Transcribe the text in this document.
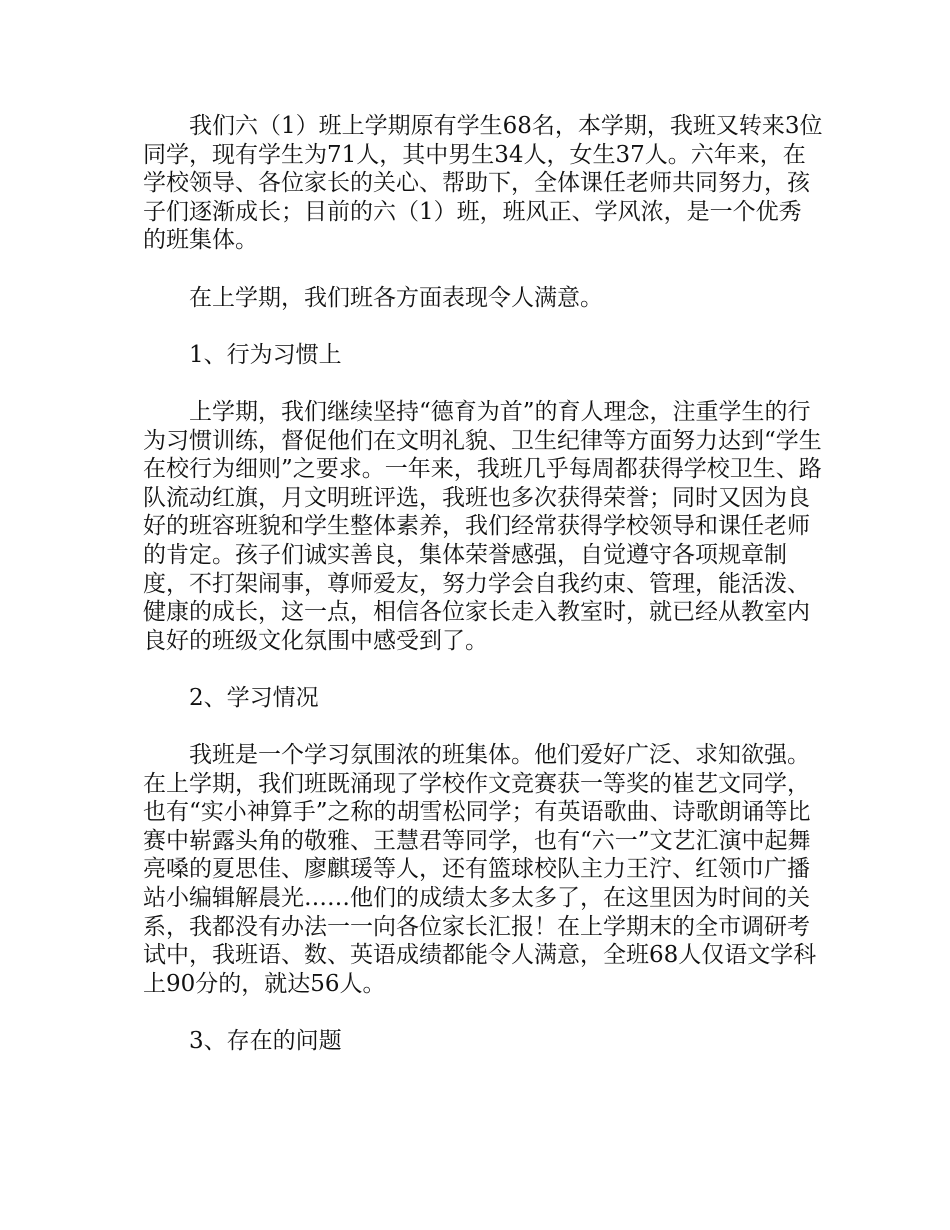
我们六（1）班上学期原有学生68名，本学期，我班又转来3位同学，现有学生为71人，其中男生34人，女生37人。六年来，在学校领导、各位家长的关心、帮助下，全体课任老师共同努力，孩子们逐渐成长；目前的六（1）班，班风正、学风浓，是一个优秀的班集体。

在上学期，我们班各方面表现令人满意。

1、行为习惯上

上学期，我们继续坚持“德育为首”的育人理念，注重学生的行为习惯训练，督促他们在文明礼貌、卫生纪律等方面努力达到“学生在校行为细则”之要求。一年来，我班几乎每周都获得学校卫生、路队流动红旗，月文明班评选，我班也多次获得荣誉；同时又因为良好的班容班貌和学生整体素养，我们经常获得学校领导和课任老师的肯定。孩子们诚实善良，集体荣誉感强，自觉遵守各项规章制度，不打架闹事，尊师爱友，努力学会自我约束、管理，能活泼、健康的成长，这一点，相信各位家长走入教室时，就已经从教室内良好的班级文化氛围中感受到了。

2、学习情况

我班是一个学习氛围浓的班集体。他们爱好广泛、求知欲强。在上学期，我们班既涌现了学校作文竞赛获一等奖的崔艺文同学，也有“实小神算手”之称的胡雪松同学；有英语歌曲、诗歌朗诵等比赛中崭露头角的敬雅、王慧君等同学，也有“六一”文艺汇演中起舞亮嗓的夏思佳、廖麒瑗等人，还有篮球校队主力王泞、红领巾广播站小编辑解晨光……他们的成绩太多太多了，在这里因为时间的关系，我都没有办法一一向各位家长汇报！在上学期末的全市调研考试中，我班语、数、英语成绩都能令人满意，全班68人仅语文学科上90分的，就达56人。

3、存在的问题
